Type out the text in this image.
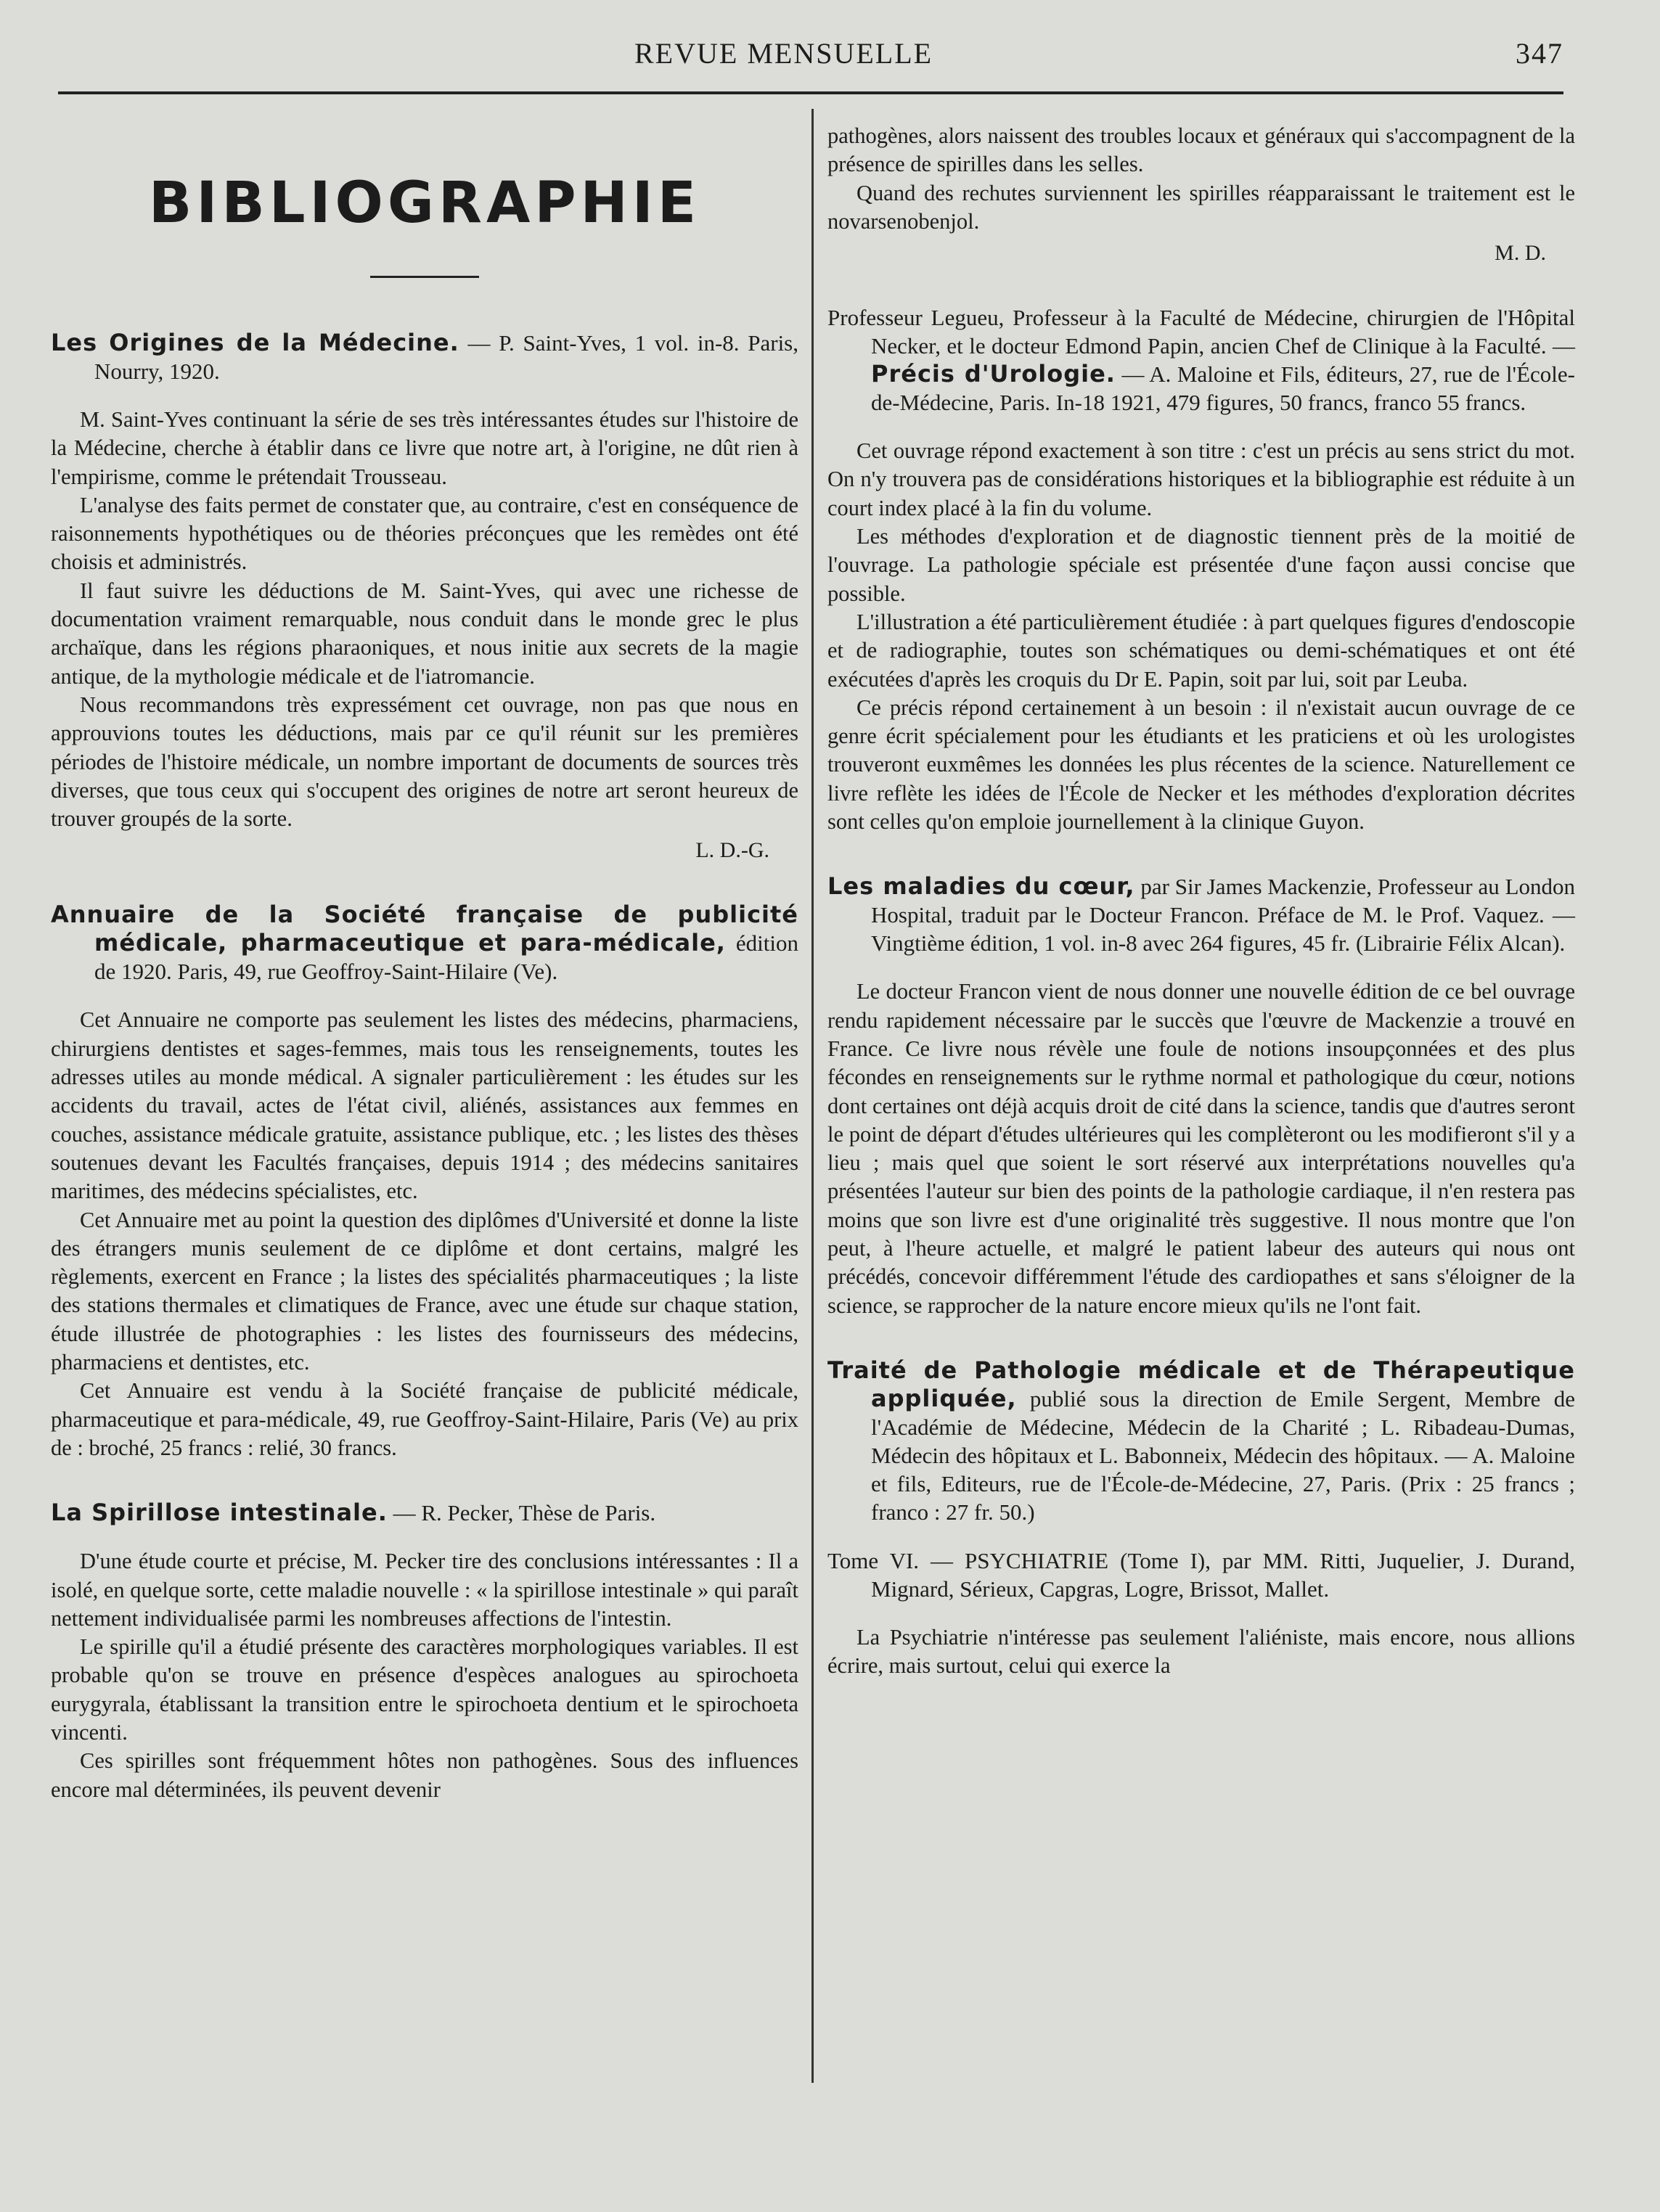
REVUE MENSUELLE	347
BIBLIOGRAPHIE
Les Origines de la Médecine. — P. Saint-Yves, 1 vol. in-8. Paris, Nourry, 1920.

M. Saint-Yves continuant la série de ses très intéressantes études sur l'histoire de la Médecine, cherche à établir dans ce livre que notre art, à l'origine, ne dût rien à l'empirisme, comme le prétendait Trousseau.

L'analyse des faits permet de constater que, au contraire, c'est en conséquence de raisonnements hypothétiques ou de théories préconçues que les remèdes ont été choisis et administrés.

Il faut suivre les déductions de M. Saint-Yves, qui avec une richesse de documentation vraiment remarquable, nous conduit dans le monde grec le plus archaïque, dans les régions pharaoniques, et nous initie aux secrets de la magie antique, de la mythologie médicale et de l'iatromancie.

Nous recommandons très expressément cet ouvrage, non pas que nous en approuvions toutes les déductions, mais par ce qu'il réunit sur les premières périodes de l'histoire médicale, un nombre important de documents de sources très diverses, que tous ceux qui s'occupent des origines de notre art seront heureux de trouver groupés de la sorte.

L. D.-G.
Annuaire de la Société française de publicité médicale, pharmaceutique et para-médicale, édition de 1920. Paris, 49, rue Geoffroy-Saint-Hilaire (Ve).

Cet Annuaire ne comporte pas seulement les listes des médecins, pharmaciens, chirurgiens dentistes et sages-femmes, mais tous les renseignements, toutes les adresses utiles au monde médical. A signaler particulièrement : les études sur les accidents du travail, actes de l'état civil, aliénés, assistances aux femmes en couches, assistance médicale gratuite, assistance publique, etc. ; les listes des thèses soutenues devant les Facultés françaises, depuis 1914 ; des médecins sanitaires maritimes, des médecins spécialistes, etc.

Cet Annuaire met au point la question des diplômes d'Université et donne la liste des étrangers munis seulement de ce diplôme et dont certains, malgré les règlements, exercent en France ; la listes des spécialités pharmaceutiques ; la liste des stations thermales et climatiques de France, avec une étude sur chaque station, étude illustrée de photographies : les listes des fournisseurs des médecins, pharmaciens et dentistes, etc.

Cet Annuaire est vendu à la Société française de publicité médicale, pharmaceutique et para-médicale, 49, rue Geoffroy-Saint-Hilaire, Paris (Ve) au prix de : broché, 25 francs : relié, 30 francs.

La Spirillose intestinale. — R. Pecker, Thèse de Paris.

D'une étude courte et précise, M. Pecker tire des conclusions intéressantes : Il a isolé, en quelque sorte, cette maladie nouvelle : « la spirillose intestinale » qui paraît nettement individualisée parmi les nombreuses affections de l'intestin.

Le spirille qu'il a étudié présente des caractères morphologiques variables. Il est probable qu'on se trouve en présence d'espèces analogues au spirochoeta eurygyrala, établissant la transition entre le spirochoeta dentium et le spirochoeta vincenti.

Ces spirilles sont fréquemment hôtes non pathogènes. Sous des influences encore mal déterminées, ils peuvent devenir

pathogènes, alors naissent des troubles locaux et généraux qui s'accompagnent de la présence de spirilles dans les selles.

Quand des rechutes surviennent les spirilles réapparaissant le traitement est le novarsenobenjol.

M. D.
Professeur Legueu, Professeur à la Faculté de Médecine, chirurgien de l'Hôpital Necker, et le docteur Edmond Papin, ancien Chef de Clinique à la Faculté. — Précis d'Urologie. — A. Maloine et Fils, éditeurs, 27, rue de l'École-de-Médecine, Paris. In-18 1921, 479 figures, 50 francs, franco 55 francs.

Cet ouvrage répond exactement à son titre : c'est un précis au sens strict du mot. On n'y trouvera pas de considérations historiques et la bibliographie est réduite à un court index placé à la fin du volume.

Les méthodes d'exploration et de diagnostic tiennent près de la moitié de l'ouvrage. La pathologie spéciale est présentée d'une façon aussi concise que possible.

L'illustration a été particulièrement étudiée : à part quelques figures d'endoscopie et de radiographie, toutes son schématiques ou demi-schématiques et ont été exécutées d'après les croquis du Dr E. Papin, soit par lui, soit par Leuba.

Ce précis répond certainement à un besoin : il n'existait aucun ouvrage de ce genre écrit spécialement pour les étudiants et les praticiens et où les urologistes trouveront euxmêmes les données les plus récentes de la science. Naturellement ce livre reflète les idées de l'École de Necker et les méthodes d'exploration décrites sont celles qu'on emploie journellement à la clinique Guyon.

Les maladies du cœur, par Sir James Mackenzie, Professeur au London Hospital, traduit par le Docteur Francon. Préface de M. le Prof. Vaquez. — Vingtième édition, 1 vol. in-8 avec 264 figures, 45 fr. (Librairie Félix Alcan).

Le docteur Francon vient de nous donner une nouvelle édition de ce bel ouvrage rendu rapidement nécessaire par le succès que l'œuvre de Mackenzie a trouvé en France. Ce livre nous révèle une foule de notions insoupçonnées et des plus fécondes en renseignements sur le rythme normal et pathologique du cœur, notions dont certaines ont déjà acquis droit de cité dans la science, tandis que d'autres seront le point de départ d'études ultérieures qui les complèteront ou les modifieront s'il y a lieu ; mais quel que soient le sort réservé aux interprétations nouvelles qu'a présentées l'auteur sur bien des points de la pathologie cardiaque, il n'en restera pas moins que son livre est d'une originalité très suggestive. Il nous montre que l'on peut, à l'heure actuelle, et malgré le patient labeur des auteurs qui nous ont précédés, concevoir différemment l'étude des cardiopathes et sans s'éloigner de la science, se rapprocher de la nature encore mieux qu'ils ne l'ont fait.

Traité de Pathologie médicale et de Thérapeutique appliquée, publié sous la direction de Emile Sergent, Membre de l'Académie de Médecine, Médecin de la Charité ; L. Ribadeau-Dumas, Médecin des hôpitaux et L. Babonneix, Médecin des hôpitaux. — A. Maloine et fils, Editeurs, rue de l'École-de-Médecine, 27, Paris. (Prix : 25 francs ; franco : 27 fr. 50.)
Tome VI. — PSYCHIATRIE (Tome I), par MM. Ritti, Juquelier, J. Durand, Mignard, Sérieux, Capgras, Logre, Brissot, Mallet.

La Psychiatrie n'intéresse pas seulement l'aliéniste, mais encore, nous allions écrire, mais surtout, celui qui exerce la
